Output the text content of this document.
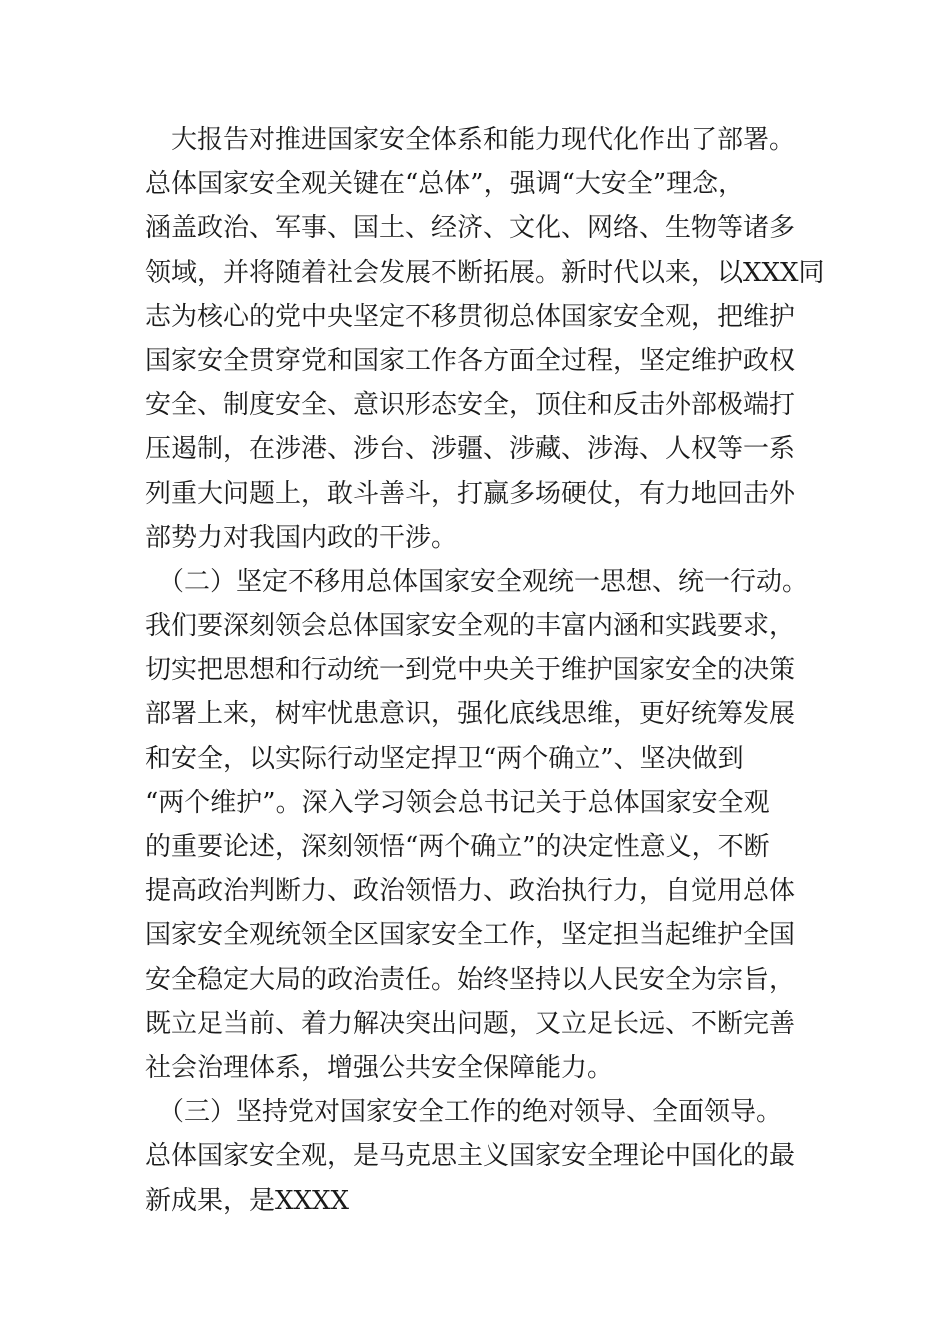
　大报告对推进国家安全体系和能力现代化作出了部署。
总体国家安全观关键在“总体”，强调“大安全”理念，
涵盖政治、军事、国土、经济、文化、网络、生物等诸多
领域，并将随着社会发展不断拓展。新时代以来，以XXX同
志为核心的党中央坚定不移贯彻总体国家安全观，把维护
国家安全贯穿党和国家工作各方面全过程，坚定维护政权
安全、制度安全、意识形态安全，顶住和反击外部极端打
压遏制，在涉港、涉台、涉疆、涉藏、涉海、人权等一系
列重大问题上，敢斗善斗，打赢多场硬仗，有力地回击外
部势力对我国内政的干涉。
　（二）坚定不移用总体国家安全观统一思想、统一行动。
我们要深刻领会总体国家安全观的丰富内涵和实践要求，
切实把思想和行动统一到党中央关于维护国家安全的决策
部署上来，树牢忧患意识，强化底线思维，更好统筹发展
和安全，以实际行动坚定捍卫“两个确立”、坚决做到
“两个维护”。深入学习领会总书记关于总体国家安全观
的重要论述，深刻领悟“两个确立”的决定性意义，不断
提高政治判断力、政治领悟力、政治执行力，自觉用总体
国家安全观统领全区国家安全工作，坚定担当起维护全国
安全稳定大局的政治责任。始终坚持以人民安全为宗旨，
既立足当前、着力解决突出问题，又立足长远、不断完善
社会治理体系，增强公共安全保障能力。
　（三）坚持党对国家安全工作的绝对领导、全面领导。
总体国家安全观，是马克思主义国家安全理论中国化的最
新成果，是XXXX
